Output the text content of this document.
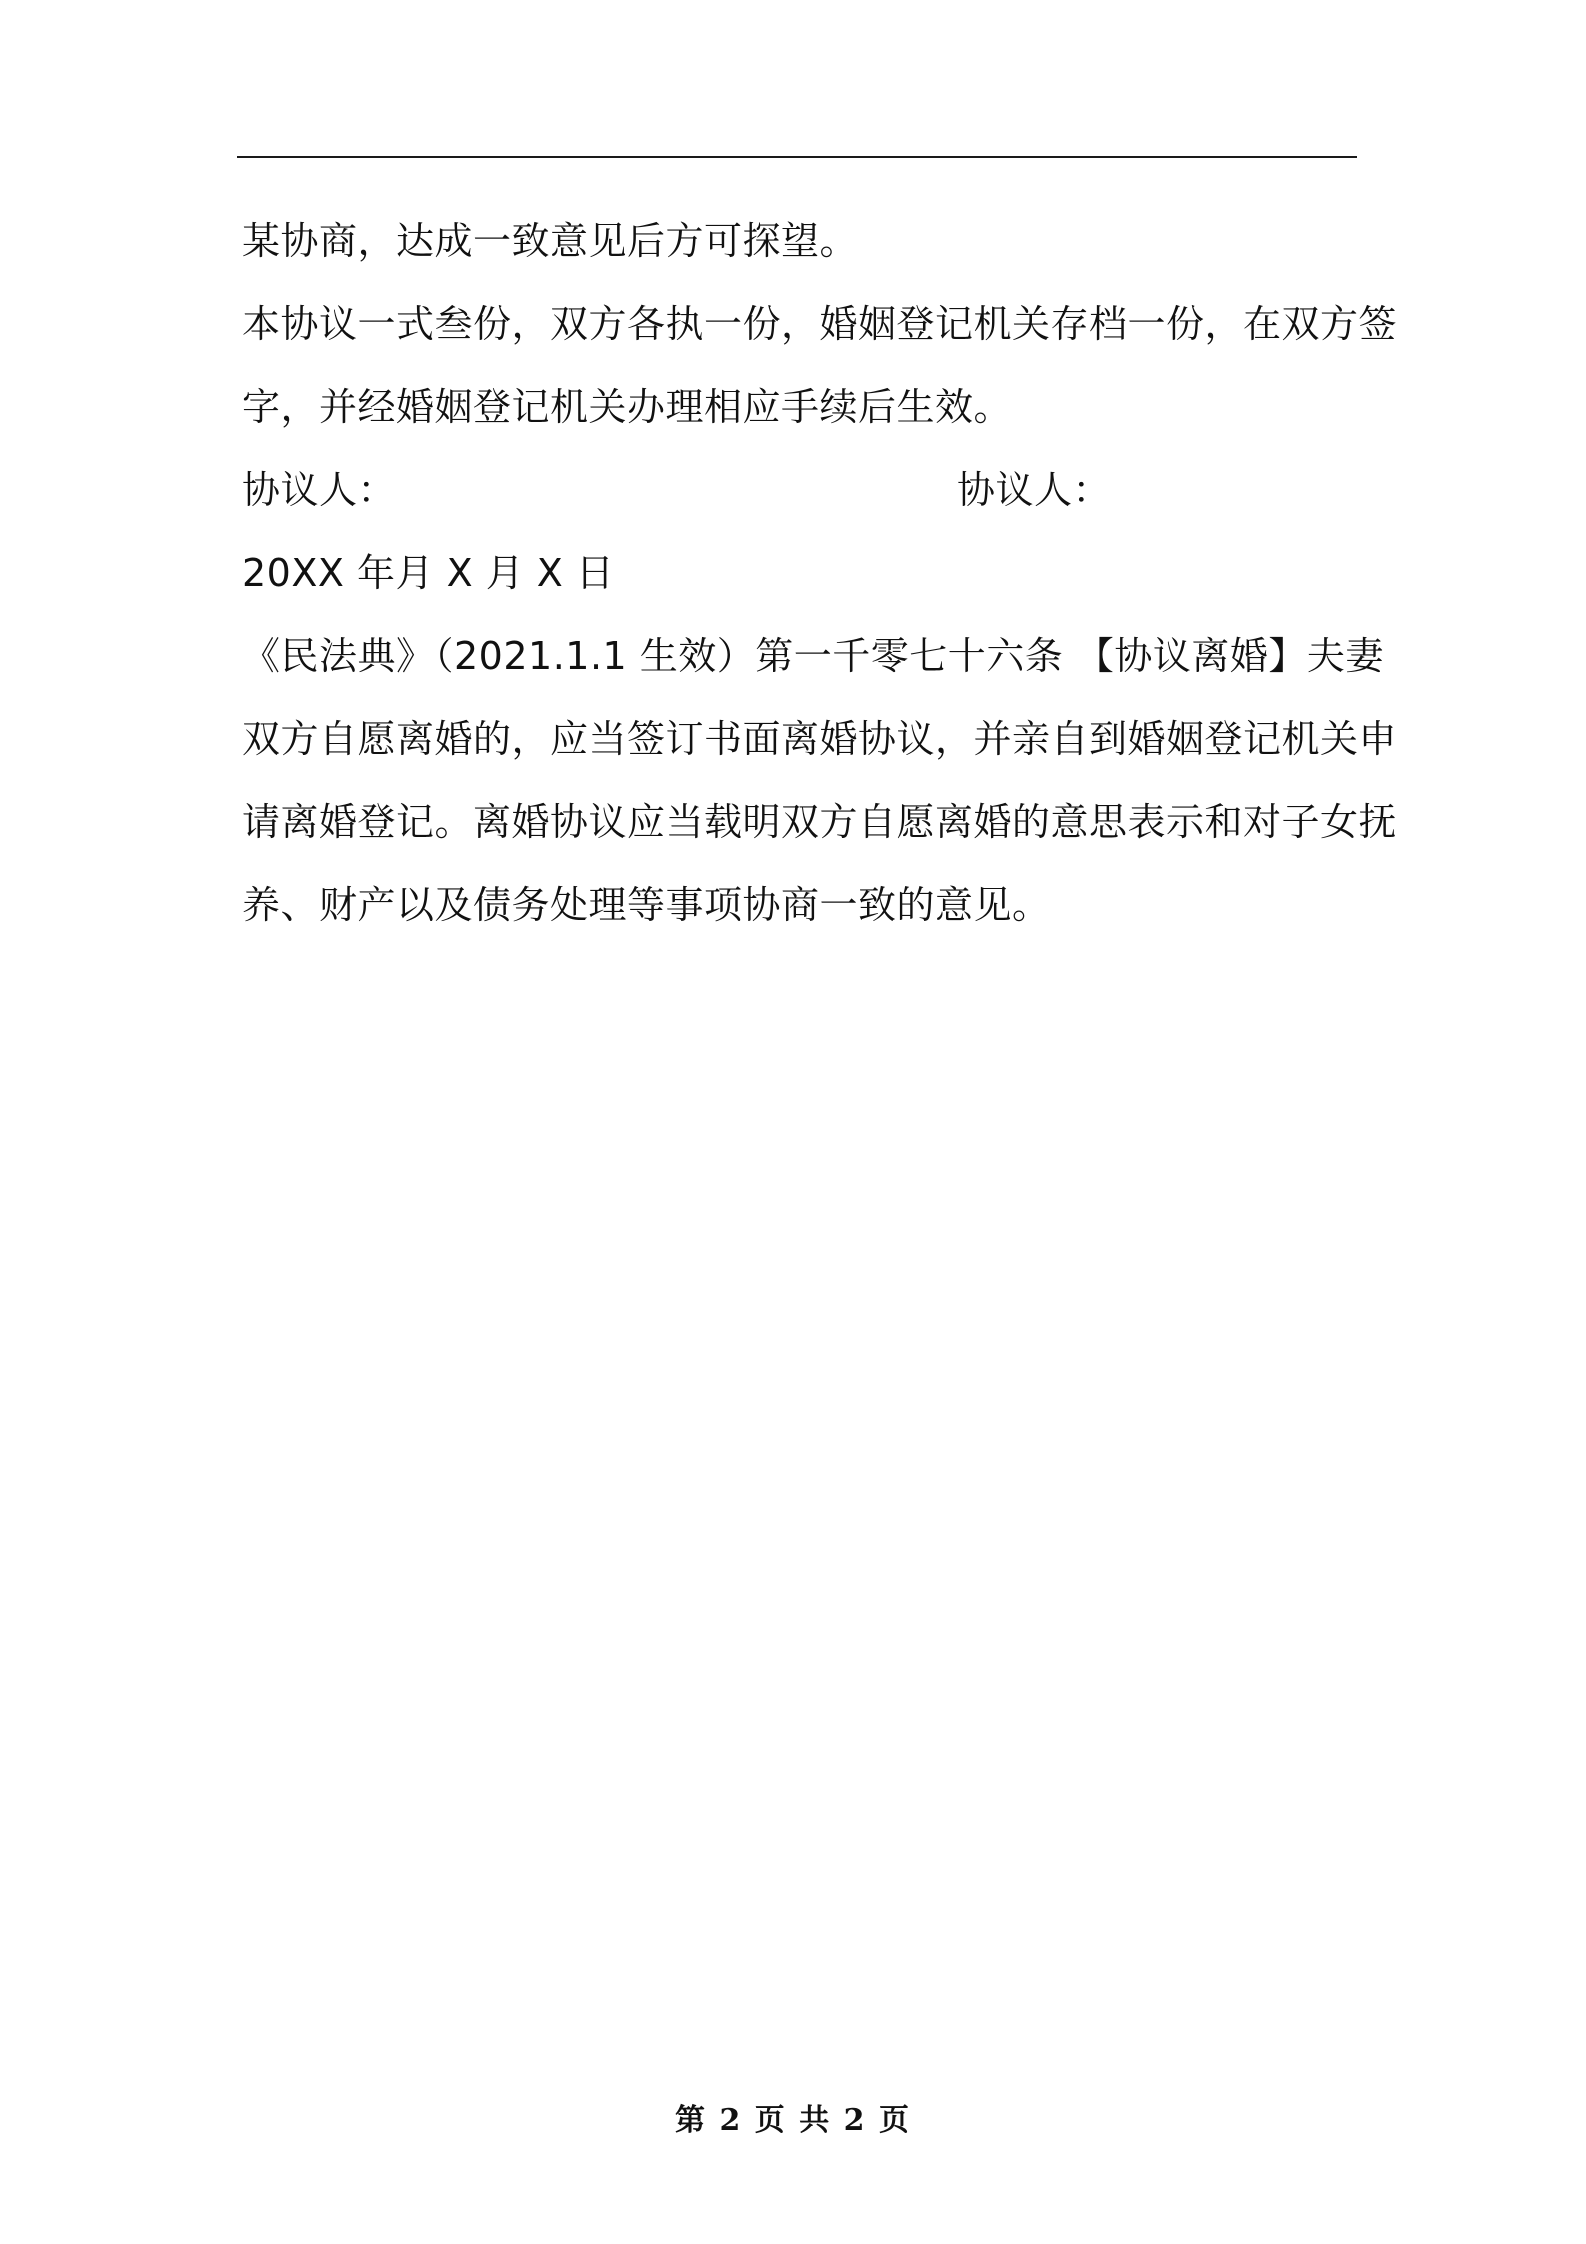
某协商，达成一致意见后方可探望。

本协议一式叁份，双方各执一份，婚姻登记机关存档一份，在双方签
字，并经婚姻登记机关办理相应手续后生效。

协议人：	协议人：

20XX 年月 X 月 X 日

《民法典》（2021.1.1 生效）第一千零七十六条 【协议离婚】夫妻
双方自愿离婚的，应当签订书面离婚协议，并亲自到婚姻登记机关申
请离婚登记。离婚协议应当载明双方自愿离婚的意思表示和对子女抚
养、财产以及债务处理等事项协商一致的意见。

第 2 页 共 2 页
